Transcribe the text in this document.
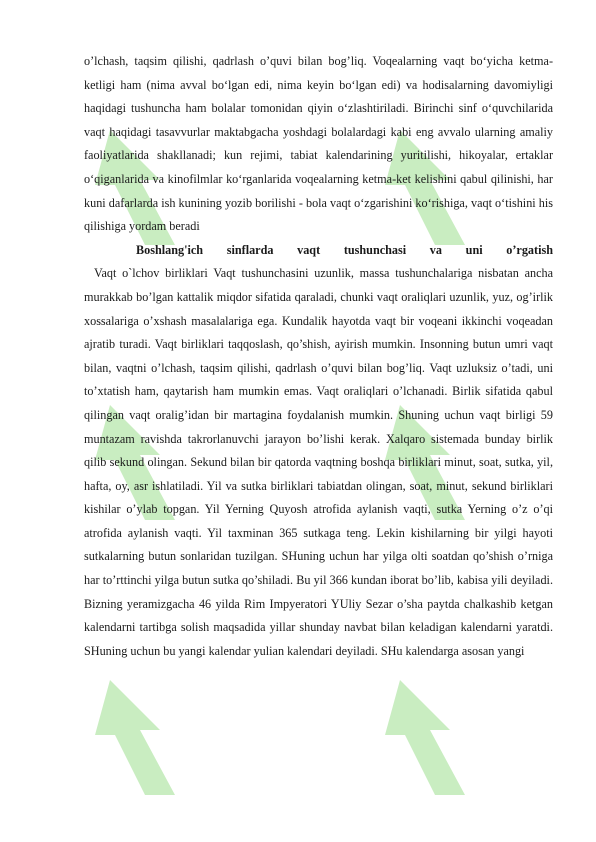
o’lchash, taqsim qilishi, qadrlash o’quvi bilan bog’liq. Voqealarning vaqt bo‘yicha ketma-ketligi ham (nima avval bo‘lgan edi, nima keyin bo‘lgan edi) va hodisalarning davomiyligi haqidagi tushuncha ham bolalar tomonidan qiyin o‘zlashtiriladi. Birinchi sinf o‘quvchilarida vaqt haqidagi tasavvurlar maktabgacha yoshdagi bolalardagi kabi eng avvalo ularning amaliy faoliyatlarida shakllanadi; kun rejimi, tabiat kalendarining yuritilishi, hikoyalar, ertaklar o‘qiganlarida va kinofilmlar ko‘rganlarida voqealarning ketma-ket kelishini qabul qilinishi, har kuni dafarlarda ish kunining yozib borilishi - bola vaqt o‘zgarishini ko‘rishiga, vaqt o‘tishini his qilishiga yordam beradi

Boshlang'ich sinflarda vaqt tushunchasi va uni o’rgatish

Vaqt o`lchov birliklari Vaqt tushunchasini uzunlik, massa tushunchalariga nisbatan ancha murakkab bo’lgan kattalik miqdor sifatida qaraladi, chunki vaqt oraliqlari uzunlik, yuz, og’irlik xossalariga o’xshash masalalariga ega. Kundalik hayotda vaqt bir voqeani ikkinchi voqeadan ajratib turadi. Vaqt birliklari taqqoslash, qo’shish, ayirish mumkin. Insonning butun umri vaqt bilan, vaqtni o’lchash, taqsim qilishi, qadrlash o’quvi bilan bog’liq. Vaqt uzluksiz o’tadi, uni to’xtatish ham, qaytarish ham mumkin emas. Vaqt oraliqlari o’lchanadi. Birlik sifatida qabul qilingan vaqt oralig’idan bir martagina foydalanish mumkin. Shuning uchun vaqt birligi 59 muntazam ravishda takrorlanuvchi jarayon bo’lishi kerak. Xalqaro sistemada bunday birlik qilib sekund olingan. Sekund bilan bir qatorda vaqtning boshqa birliklari minut, soat, sutka, yil, hafta, oy, asr ishlatiladi. Yil va sutka birliklari tabiatdan olingan, soat, minut, sekund birliklari kishilar o’ylab topgan. Yil Yerning Quyosh atrofida aylanish vaqti, sutka Yerning o’z o’qi atrofida aylanish vaqti. Yil taxminan 365 sutkaga teng. Lekin kishilarning bir yilgi hayoti sutkalarning butun sonlaridan tuzilgan. SHuning uchun har yilga olti soatdan qo’shish o’rniga har to’rttinchi yilga butun sutka qo’shiladi. Bu yil 366 kundan iborat bo’lib, kabisa yili deyiladi. Bizning yeramizgacha 46 yilda Rim Impyeratori YUliy Sezar o’sha paytda chalkashib ketgan kalendarni tartibga solish maqsadida yillar shunday navbat bilan keladigan kalendarni yaratdi. SHuning uchun bu yangi kalendar yulian kalendari deyiladi. SHu kalendarga asosan yangi
